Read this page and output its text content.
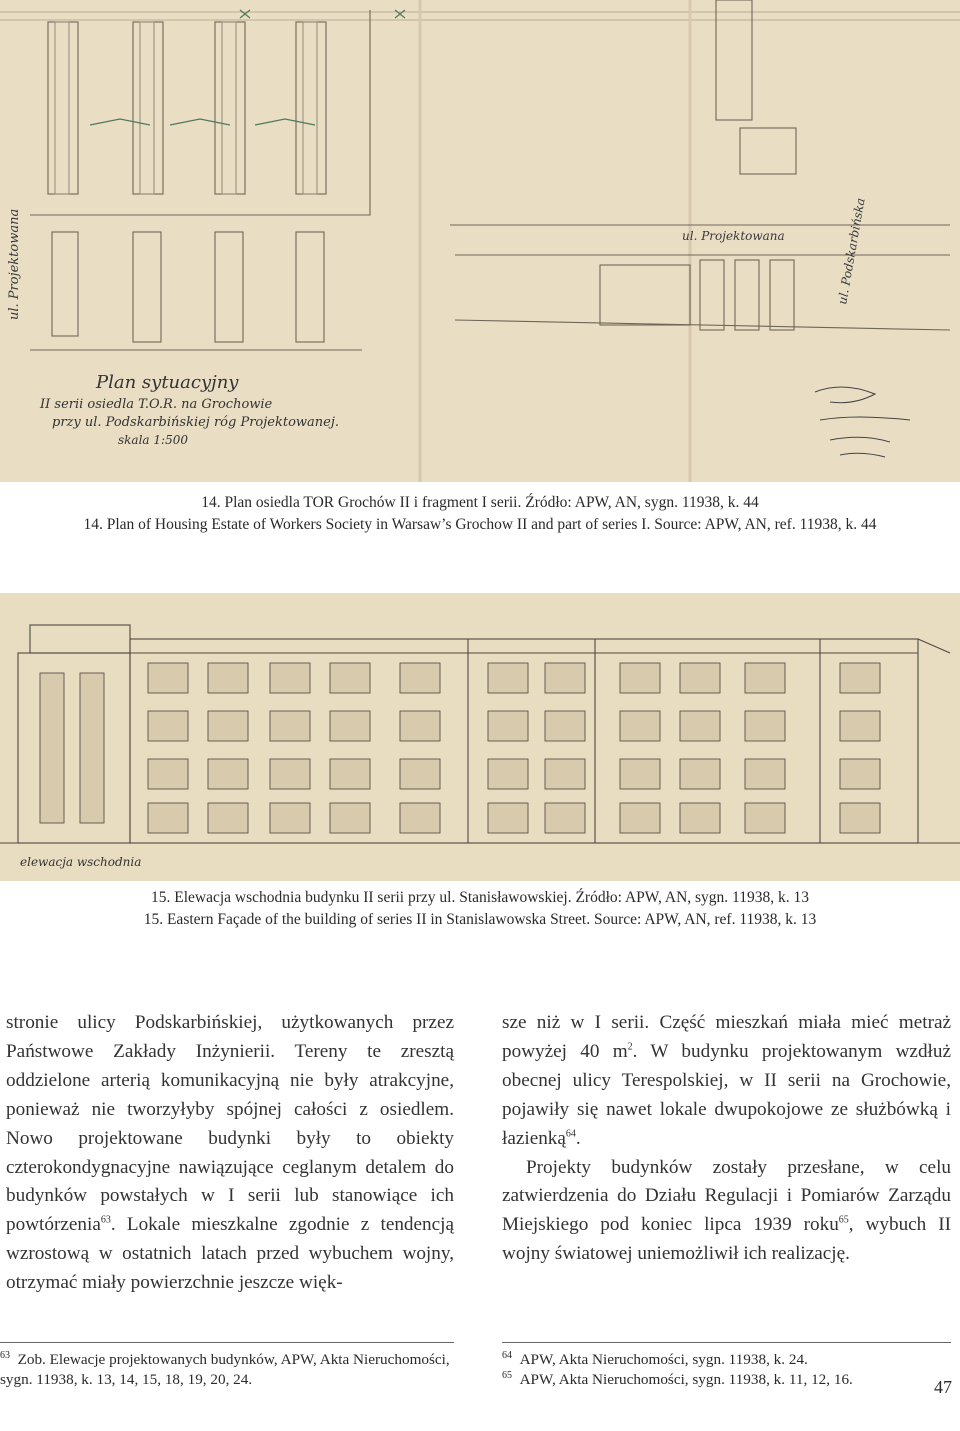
ul. Projektowana	ul. Projektowana	ul. Podskarbińska
Plan sytuacyjny
II serii osiedla T.O.R. na Grochowie
przy ul. Podskarbińskiej róg Projektowanej.
skala 1:500
14. Plan osiedla TOR Grochów II i fragment I serii. Źródło: APW, AN, sygn. 11938, k. 44
14. Plan of Housing Estate of Workers Society in Warsaw’s Grochow II and part of series I. Source: APW, AN, ref. 11938, k. 44
elewacja wschodnia
15. Elewacja wschodnia budynku II serii przy ul. Stanisławowskiej. Źródło: APW, AN, sygn. 11938, k. 13
15. Eastern Façade of the building of series II in Stanislawowska Street. Source: APW, AN, ref. 11938, k. 13

stronie ulicy Podskarbińskiej, użytkowanych przez Państwowe Zakłady Inżynierii. Tereny te zresztą oddzielone arterią komunikacyjną nie były atrakcyjne, ponieważ nie tworzyłyby spójnej całości z osiedlem. Nowo projektowane budynki były to obiekty czterokondygnacyjne nawiązujące ceglanym detalem do budynków powstałych w I serii lub stanowiące ich powtórzenia$^{63}$. Lokale mieszkalne zgodnie z tendencją wzrostową w ostatnich latach przed wybuchem wojny, otrzymać miały powierzchnie jeszcze więk-

sze niż w I serii. Część mieszkań miała mieć metraż powyżej 40 $m^2$. W budynku projektowanym wzdłuż obecnej ulicy Terespolskiej, w II serii na Grochowie, pojawiły się nawet lokale dwupokojowe ze służbówką i łazienką$^{64}$.

Projekty budynków zostały przesłane, w celu zatwierdzenia do Działu Regulacji i Pomiarów Zarządu Miejskiego pod koniec lipca 1939 roku$^{65}$, wybuch II wojny światowej uniemożliwił ich realizację.

$^{63}$ Zob. Elewacje projektowanych budynków, APW, Akta Nieruchomości, sygn. 11938, k. 13, 14, 15, 18, 19, 20, 24.
$^{64}$ APW, Akta Nieruchomości, sygn. 11938, k. 24.
$^{65}$ APW, Akta Nieruchomości, sygn. 11938, k. 11, 12, 16.	47
